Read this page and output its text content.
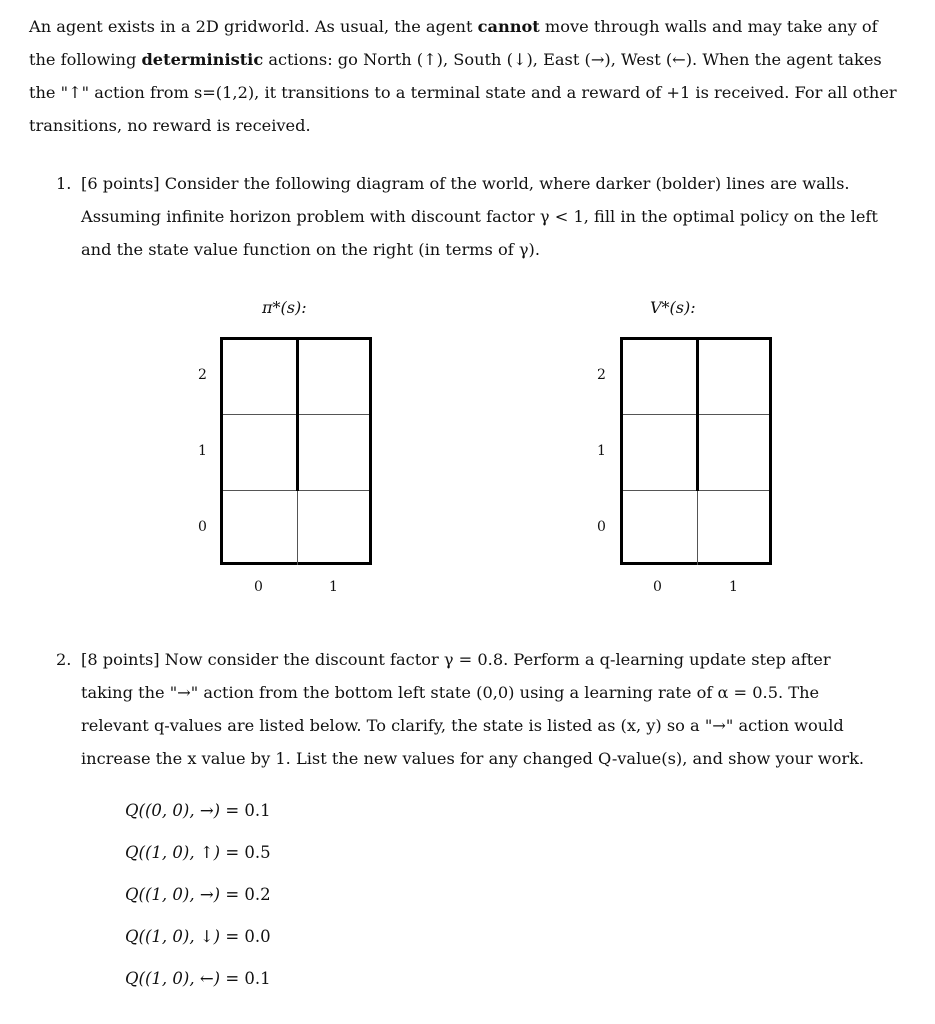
An agent exists in a 2D gridworld. As usual, the agent cannot move through walls and may take any of the following deterministic actions: go North (↑), South (↓), East (→), West (←). When the agent takes the "↑" action from s=(1,2), it transitions to a terminal state and a reward of +1 is received. For all other transitions, no reward is received.
1. [6 points] Consider the following diagram of the world, where darker (bolder) lines are walls. Assuming infinite horizon problem with discount factor γ < 1, fill in the optimal policy on the left and the state value function on the right (in terms of γ).
π*(s):
2
1
0
0	1
V*(s):
2
1
0
0	1
2. [8 points] Now consider the discount factor γ = 0.8. Perform a q-learning update step after taking the "→" action from the bottom left state (0,0) using a learning rate of α = 0.5. The relevant q-values are listed below. To clarify, the state is listed as (x, y) so a "→" action would increase the x value by 1. List the new values for any changed Q-value(s), and show your work.
Q((0, 0), →) = 0.1
Q((1, 0), ↑) = 0.5
Q((1, 0), →) = 0.2
Q((1, 0), ↓) = 0.0
Q((1, 0), ←) = 0.1
